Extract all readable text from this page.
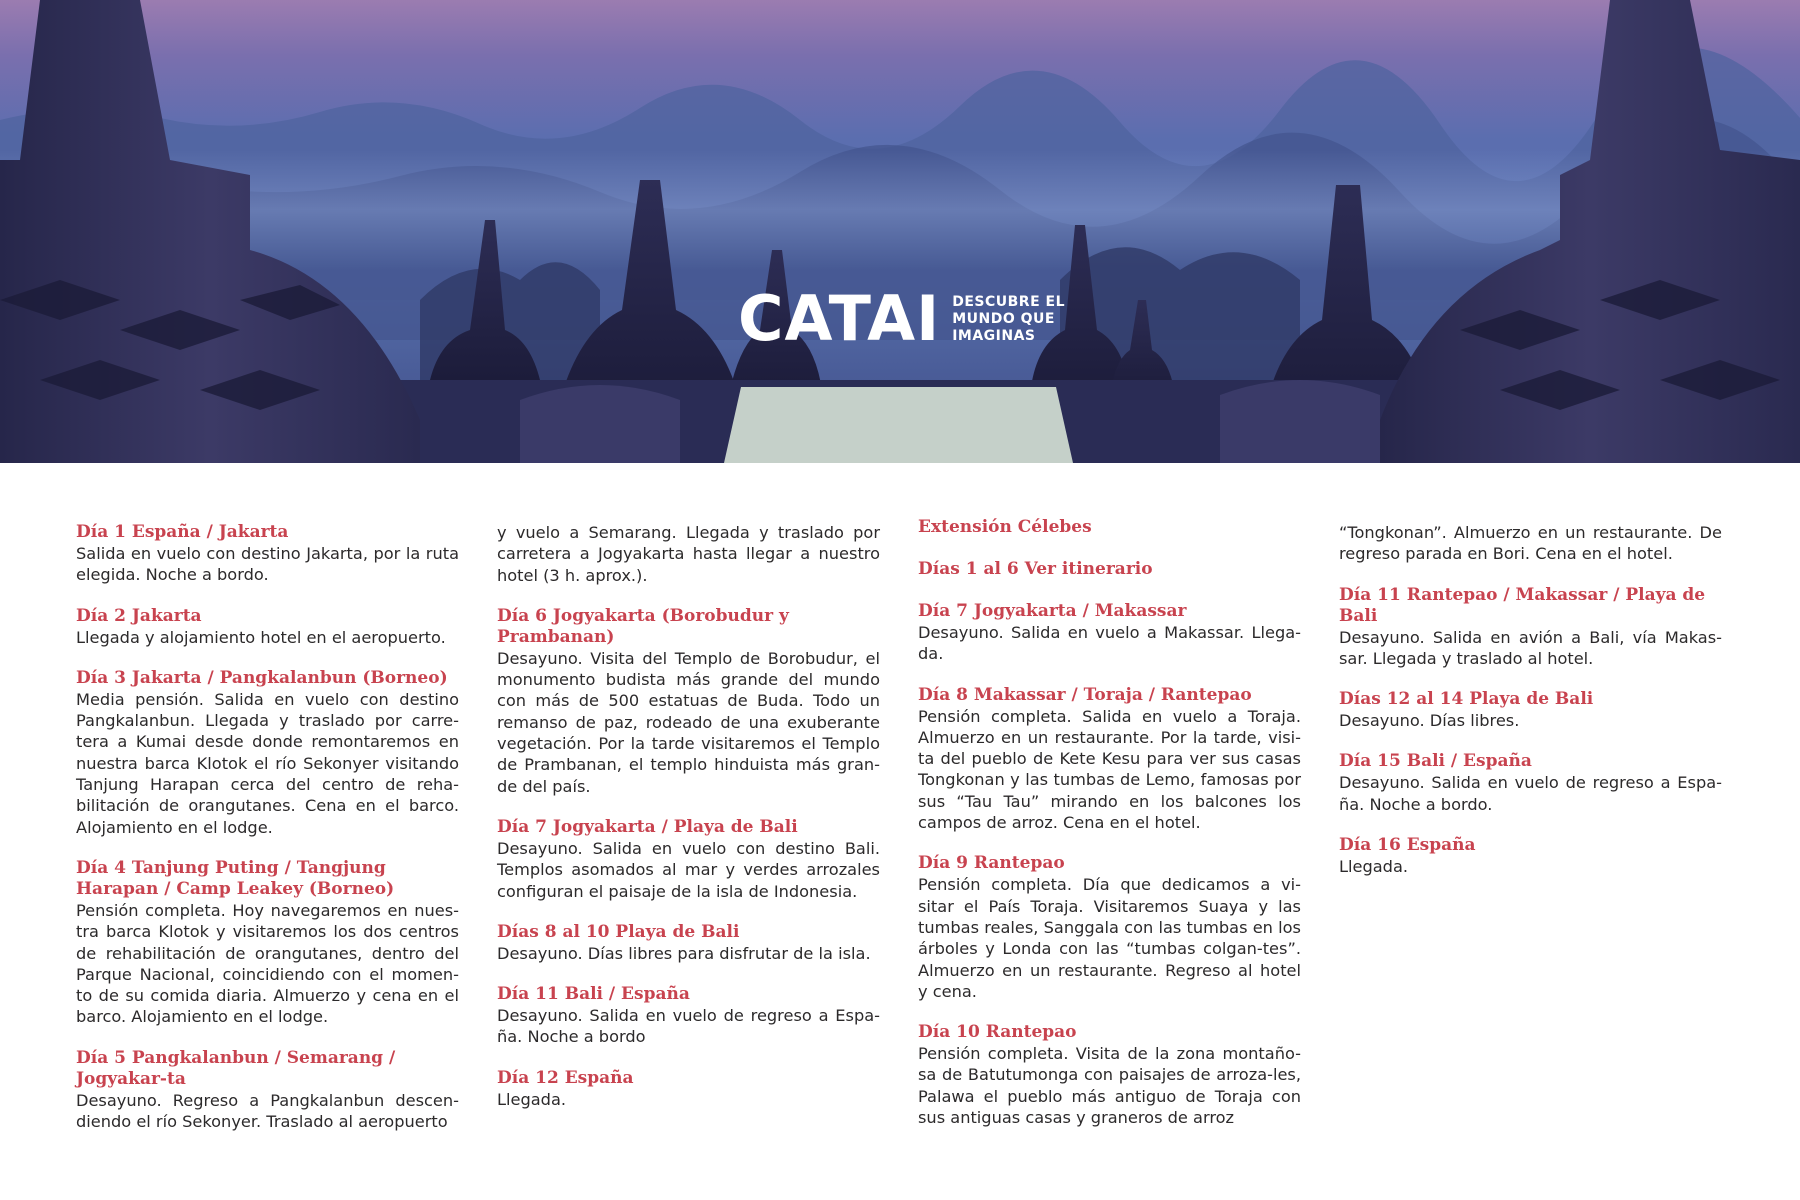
CATAI DESCUBRE EL
MUNDO QUE
IMAGINAS
Día 1 España / Jakarta
Salida en vuelo con destino Jakarta, por la ruta elegida. Noche a bordo.
Día 2 Jakarta
Llegada y alojamiento hotel en el aeropuerto.
Día 3 Jakarta / Pangkalanbun (Borneo)
Media pensión. Salida en vuelo con destino Pangkalanbun. Llegada y traslado por carre-tera a Kumai desde donde remontaremos en nuestra barca Klotok el río Sekonyer visitando Tanjung Harapan cerca del centro de reha-bilitación de orangutanes. Cena en el barco. Alojamiento en el lodge.
Día 4 Tanjung Puting / Tangjung Harapan / Camp Leakey (Borneo)
Pensión completa. Hoy navegaremos en nues-tra barca Klotok y visitaremos los dos centros de rehabilitación de orangutanes, dentro del Parque Nacional, coincidiendo con el momen-to de su comida diaria. Almuerzo y cena en el barco. Alojamiento en el lodge.
Día 5 Pangkalanbun / Semarang / Jogyakar-ta
Desayuno. Regreso a Pangkalanbun descen-diendo el río Sekonyer. Traslado al aeropuerto
y vuelo a Semarang. Llegada y traslado por carretera a Jogyakarta hasta llegar a nuestro hotel (3 h. aprox.).
Día 6 Jogyakarta (Borobudur y Prambanan)
Desayuno. Visita del Templo de Borobudur, el monumento budista más grande del mundo con más de 500 estatuas de Buda. Todo un remanso de paz, rodeado de una exuberante vegetación. Por la tarde visitaremos el Templo de Prambanan, el templo hinduista más gran-de del país.
Día 7 Jogyakarta / Playa de Bali
Desayuno. Salida en vuelo con destino Bali. Templos asomados al mar y verdes arrozales configuran el paisaje de la isla de Indonesia.
Días 8 al 10 Playa de Bali
Desayuno. Días libres para disfrutar de la isla.
Día 11 Bali / España
Desayuno. Salida en vuelo de regreso a Espa-ña. Noche a bordo
Día 12 España
Llegada.
Extensión Célebes
Días 1 al 6 Ver itinerario
Día 7 Jogyakarta / Makassar
Desayuno. Salida en vuelo a Makassar. Llega-da.
Día 8 Makassar / Toraja / Rantepao
Pensión completa. Salida en vuelo a Toraja. Almuerzo en un restaurante. Por la tarde, visi-ta del pueblo de Kete Kesu para ver sus casas Tongkonan y las tumbas de Lemo, famosas por sus “Tau Tau” mirando en los balcones los campos de arroz. Cena en el hotel.
Día 9 Rantepao
Pensión completa. Día que dedicamos a vi-sitar el País Toraja. Visitaremos Suaya y las tumbas reales, Sanggala con las tumbas en los árboles y Londa con las “tumbas colgan-tes”. Almuerzo en un restaurante. Regreso al hotel y cena.
Día 10 Rantepao
Pensión completa. Visita de la zona montaño-sa de Batutumonga con paisajes de arroza-les, Palawa el pueblo más antiguo de Toraja con sus antiguas casas y graneros de arroz
“Tongkonan”. Almuerzo en un restaurante. De regreso parada en Bori. Cena en el hotel.
Día 11 Rantepao / Makassar / Playa de Bali
Desayuno. Salida en avión a Bali, vía Makas-sar. Llegada y traslado al hotel.
Días 12 al 14 Playa de Bali
Desayuno. Días libres.
Día 15 Bali / España
Desayuno. Salida en vuelo de regreso a Espa-ña. Noche a bordo.
Día 16 España
Llegada.
